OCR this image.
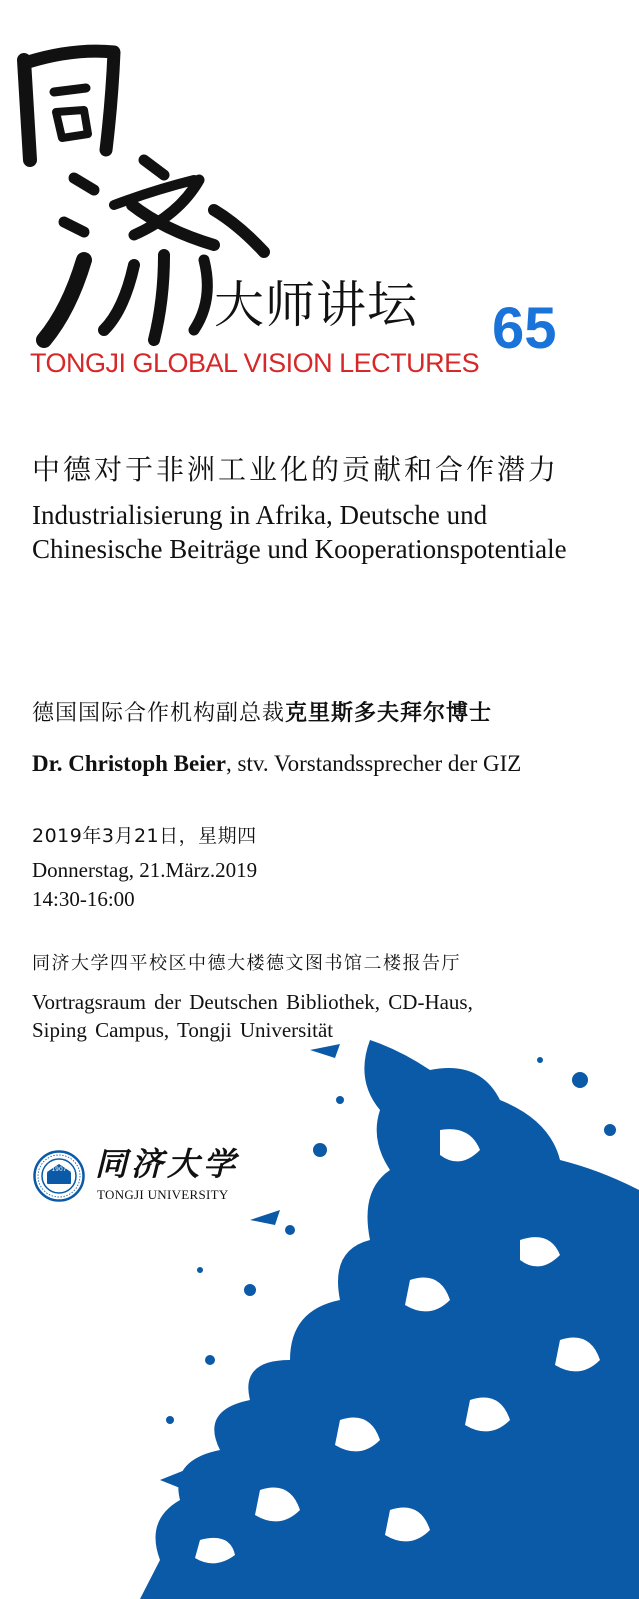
大师讲坛 65
TONGJI GLOBAL VISION LECTURES
中德对于非洲工业化的贡献和合作潜力
Industrialisierung in Afrika, Deutsche und
Chinesische Beiträge und Kooperationspotentiale
德国国际合作机构副总裁克里斯多夫拜尔博士
Dr. Christoph Beier, stv. Vorstandssprecher der GIZ
2019年3月21日，星期四
Donnerstag, 21.März.2019
14:30-16:00
同济大学四平校区中德大楼德文图书馆二楼报告厅
Vortragsraum der Deutschen Bibliothek, CD-Haus,
Siping Campus, Tongji Universität
1907 同济大学
TONGJI UNIVERSITY
